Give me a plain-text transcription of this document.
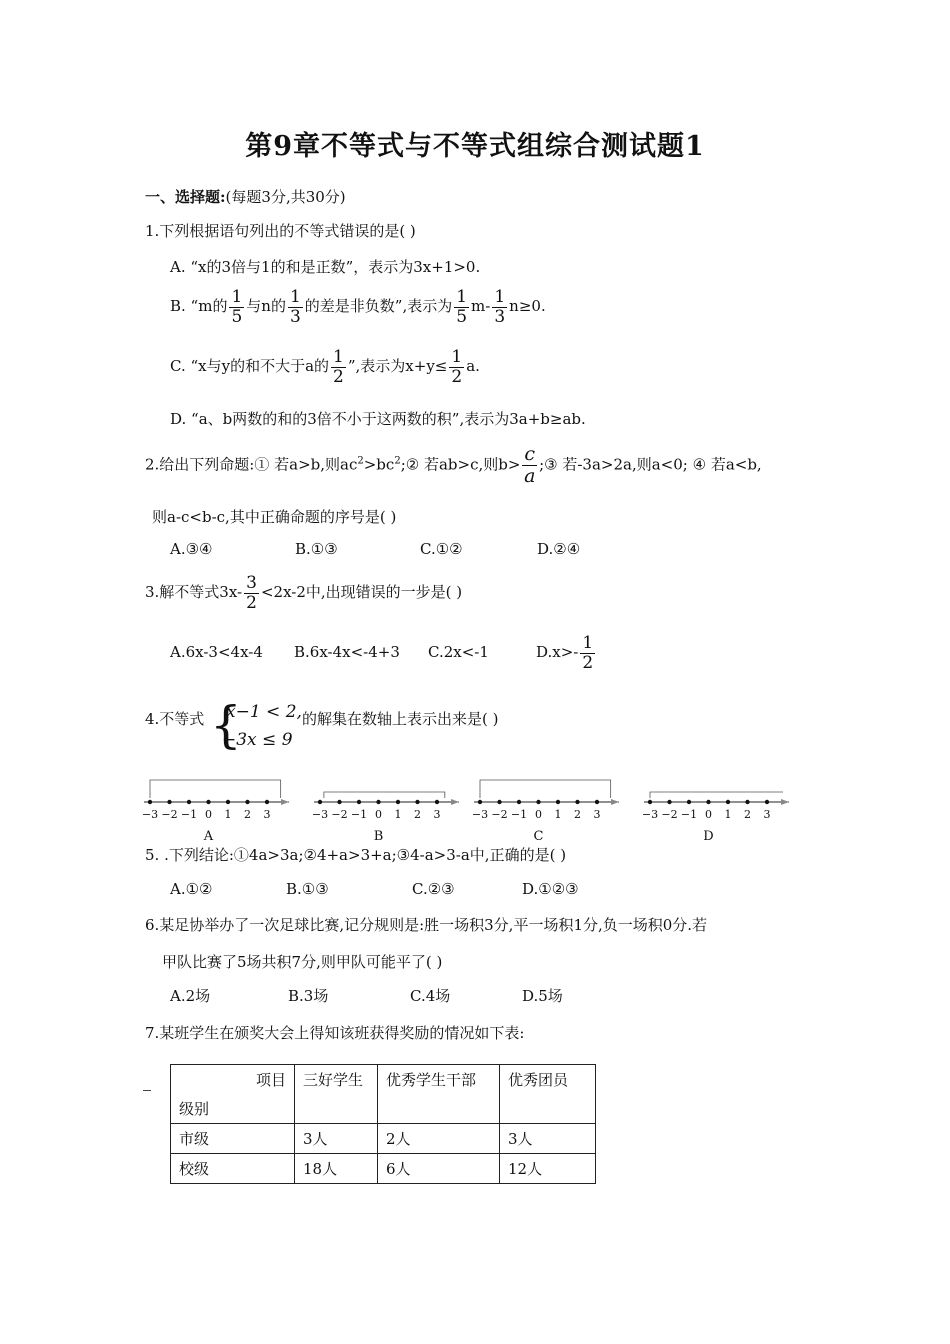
第9章不等式与不等式组综合测试题1
一、选择题:(每题3分,共30分)
1.下列根据语句列出的不等式错误的是( )
A. “x的3倍与1的和是正数”，表示为3x+1>0.
B. “m的 $\frac{1}{5}$ 与n的 $\frac{1}{3}$ 的差是非负数”,表示为 $\frac{1}{5} m- \frac{1}{3} n\ge 0$.
C. “x与y的和不大于a的 $\frac{1}{2}$ ”,表示为$x+y\le \frac{1}{2} a$.
D. “a、b两数的和的3倍不小于这两数的积”,表示为3a+b≥ab.
2.给出下列命题:① 若a>b,则$ac^2>bc^2;②$ 若ab>c,则$b> \frac{c}{a}$ ;③ 若-3a>2a,则a<0; ④ 若a<b,
则a-c<b-c,其中正确命题的序号是( )
A.③④	B.①③	C.①②	D.②④
3.解不等式$3x- \frac{3}{2} <2x-2$中,出现错误的一步是( )
A.6x-3<4x-4 B.6x-4x<-4+3 C.2x<-1	$D.x>- \frac{1}{2}$
4.不等式 {
x−1 < 2,
−3x ≤ 9
的解集在数轴上表示出来是( )
−3 −2 −1 0 1 2 3
A
−3 −2 −1 0 1 2 3
B
−3 −2 −1 0 1 2 3
C
−3 −2 −1 0 1 2 3
D
5. .下列结论:①4a>3a;②4+a>3+a;③4-a>3-a中,正确的是( )
A.①②	B.①③	C.②③	D.①②③
6.某足协举办了一次足球比赛,记分规则是:胜一场积3分,平一场积1分,负一场积0分.若
甲队比赛了5场共积7分,则甲队可能平了( )
A.2场	B.3场	C.4场	D.5场
7.某班学生在颁奖大会上得知该班获得奖励的情况如下表:
项目
级别	三好学生	优秀学生干部	优秀团员
市级	3人	2人	3人
校级	18人	6人	12人
